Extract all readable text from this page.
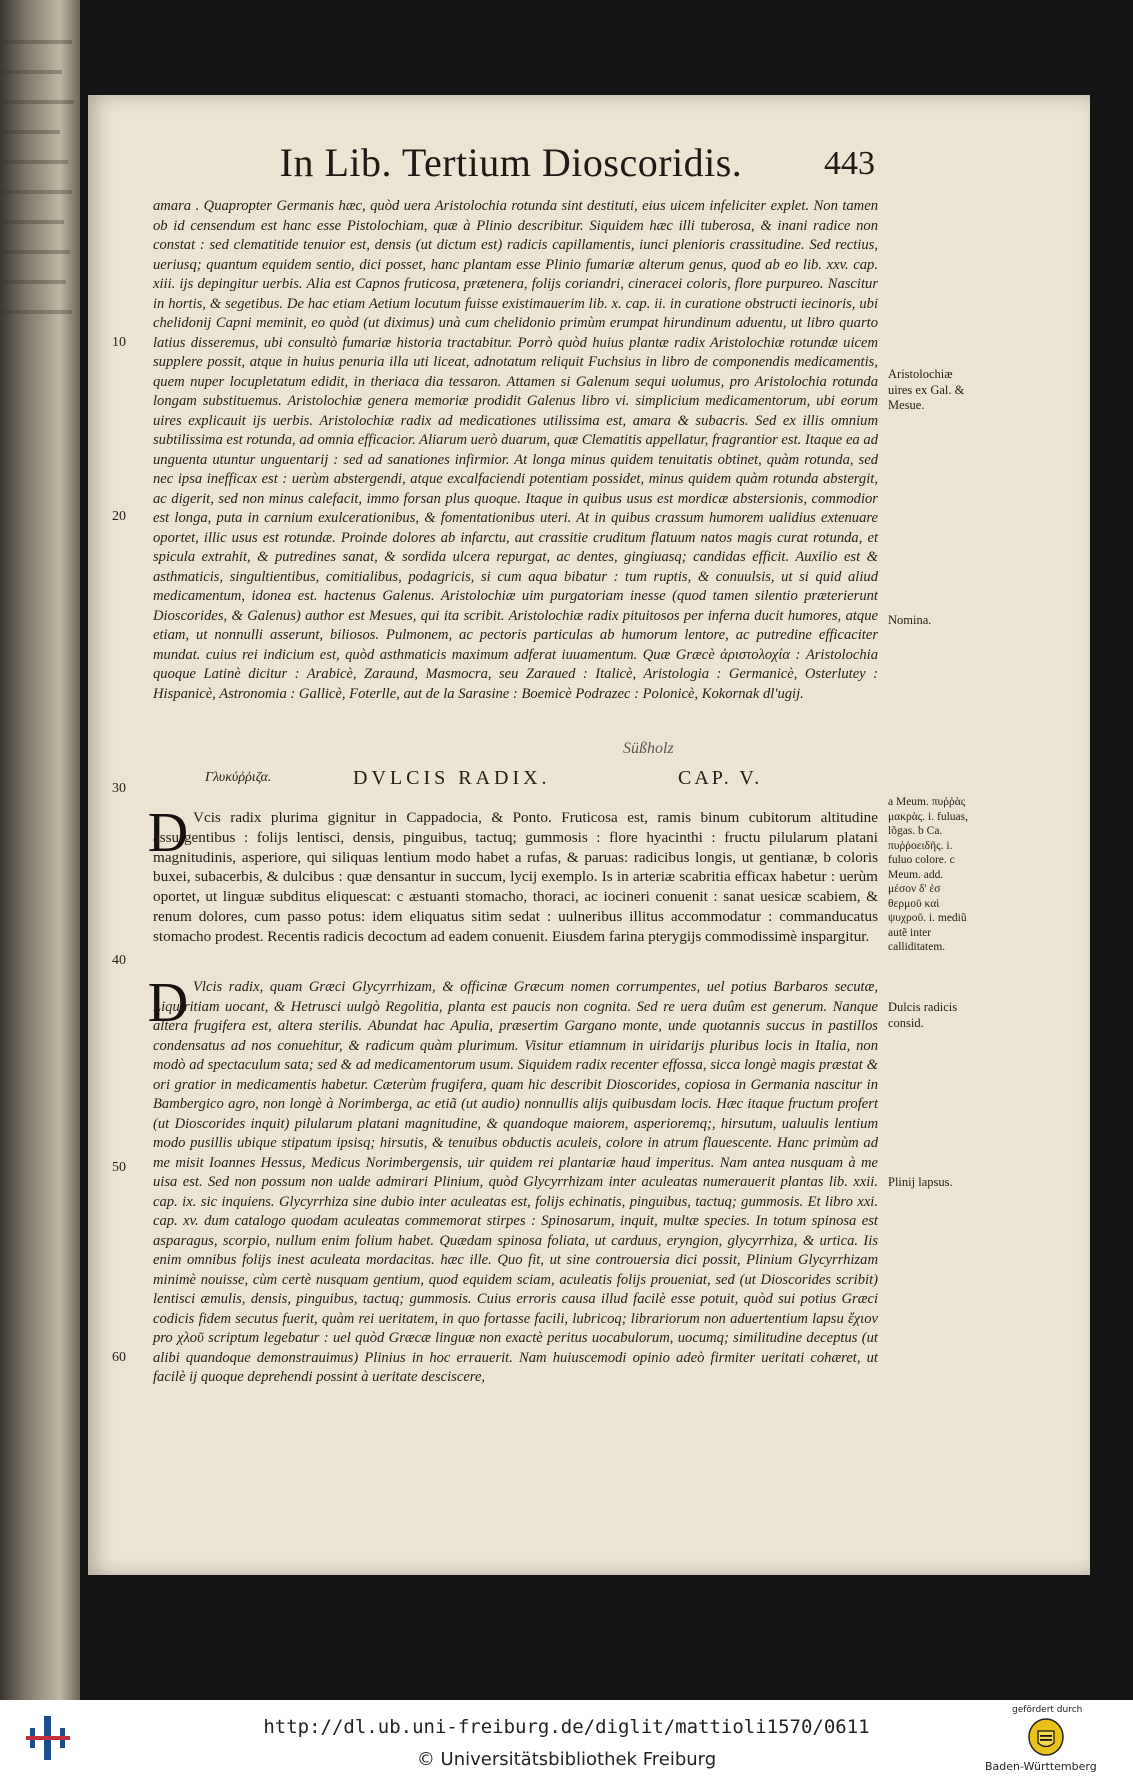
In Lib. Tertium Dioscoridis. 443

amara . Quapropter Germanis hæc, quòd uera Aristolochia rotunda sint destituti, eius uicem infeliciter explet. Non tamen ob id censendum est hanc esse Pistolochiam, quæ à Plinio describitur. Siquidem hæc illi tuberosa, & inani radice non constat : sed clematitide tenuior est, densis (ut dictum est) radicis capillamentis, iunci plenioris crassitudine. Sed rectius, ueriusq; quantum equidem sentio, dici posset, hanc plantam esse Plinio fumariæ alterum genus, quod ab eo lib. xxv. cap. xiii. ijs depingitur uerbis. Alia est Capnos fruticosa, prætenera, folijs coriandri, cineracei coloris, flore purpureo. Nascitur in hortis, & segetibus. De hac etiam Aetium locutum fuisse existimauerim lib. x. cap. ii. in curatione obstructi iecinoris, ubi chelidonij Capni meminit, eo quòd (ut diximus) unà cum chelidonio primùm erumpat hirundinum aduentu, ut libro quarto latius disseremus, ubi consultò fumariæ historia tractabitur. Porrò quòd huius plantæ radix Aristolochiæ rotundæ uicem supplere possit, atque in huius penuria illa uti liceat, adnotatum reliquit Fuchsius in libro de componendis medicamentis, quem nuper locupletatum edidit, in theriaca dia tessaron. Attamen si Galenum sequi uolumus, pro Aristolochia rotunda longam substituemus. Aristolochiæ genera memoriæ prodidit Galenus libro vi. simplicium medicamentorum, ubi eorum uires explicauit ijs uerbis. Aristolochiæ radix ad medicationes utilissima est, amara & subacris. Sed ex illis omnium subtilissima est rotunda, ad omnia efficacior. Aliarum uerò duarum, quæ Clematitis appellatur, fragrantior est. Itaque ea ad unguenta utuntur unguentarij : sed ad sanationes infirmior. At longa minus quidem tenuitatis obtinet, quàm rotunda, sed nec ipsa inefficax est : uerùm abstergendi, atque excalfaciendi potentiam possidet, minus quidem quàm rotunda abstergit, ac digerit, sed non minus calefacit, immo forsan plus quoque. Itaque in quibus usus est mordicæ abstersionis, commodior est longa, puta in carnium exulcerationibus, & fomentationibus uteri. At in quibus crassum humorem ualidius extenuare oportet, illic usus est rotundæ. Proinde dolores ab infarctu, aut crassitie cruditum flatuum natos magis curat rotunda, et spicula extrahit, & putredines sanat, & sordida ulcera repurgat, ac dentes, gingiuasq; candidas efficit. Auxilio est & asthmaticis, singultientibus, comitialibus, podagricis, si cum aqua bibatur : tum ruptis, & conuulsis, ut si quid aliud medicamentum, idonea est. hactenus Galenus. Aristolochiæ uim purgatoriam inesse (quod tamen silentio præterierunt Dioscorides, & Galenus) author est Mesues, qui ita scribit. Aristolochiæ radix pituitosos per inferna ducit humores, atque etiam, ut nonnulli asserunt, biliosos. Pulmonem, ac pectoris particulas ab humorum lentore, ac putredine efficaciter mundat. cuius rei indicium est, quòd asthmaticis maximum adferat iuuamentum. Quæ Græcè ἀριστολοχία : Aristolochia quoque Latinè dicitur : Arabicè, Zaraund, Masmocra, seu Zaraued : Italicè, Aristologia : Germanicè, Osterlutey : Hispanicè, Astronomia : Gallicè, Foterlle, aut de la Sarasine : Boemicè Podrazec : Polonicè, Kokornak dl'ugij.

Süßholz
Γλυκύῤῥιζα.	DVLCIS RADIX.	CAP. V.
D Vcis radix plurima gignitur in Cappadocia, & Ponto. Fruticosa est, ramis binum cubitorum altitudine assurgentibus : folijs lentisci, densis, pinguibus, tactuq; gummosis : flore hyacinthi : fructu pilularum platani magnitudinis, asperiore, qui siliquas lentium modo habet a rufas, & paruas: radicibus longis, ut gentianæ, b coloris buxei, subacerbis, & dulcibus : quæ densantur in succum, lycij exemplo. Is in arteriæ scabritia efficax habetur : uerùm oportet, ut linguæ subditus eliquescat: c æstuanti stomacho, thoraci, ac iocineri conuenit : sanat uesicæ scabiem, & renum dolores, cum passo potus: idem eliquatus sitim sedat : uulneribus illitus accommodatur : commanducatus stomacho prodest. Recentis radicis decoctum ad eadem conuenit. Eiusdem farina pterygijs commodissimè inspargitur.

D Vlcis radix, quam Græci Glycyrrhizam, & officinæ Græcum nomen corrumpentes, uel potius Barbaros secutæ, Liquiritiam uocant, & Hetrusci uulgò Regolitia, planta est paucis non cognita. Sed re uera duûm est generum. Nanque altera frugifera est, altera sterilis. Abundat hac Apulia, præsertim Gargano monte, unde quotannis succus in pastillos condensatus ad nos conuehitur, & radicum quàm plurimum. Visitur etiamnum in uiridarijs pluribus locis in Italia, non modò ad spectaculum sata; sed & ad medicamentorum usum. Siquidem radix recenter effossa, sicca longè magis præstat & ori gratior in medicamentis habetur. Cæterùm frugifera, quam hic describit Dioscorides, copiosa in Germania nascitur in Bambergico agro, non longè à Norimberga, ac etiã (ut audio) nonnullis alijs quibusdam locis. Hæc itaque fructum profert (ut Dioscorides inquit) pilularum platani magnitudine, & quandoque maiorem, asperioremq;, hirsutum, ualuulis lentium modo pusillis ubique stipatum ipsisq; hirsutis, & tenuibus obductis aculeis, colore in atrum flauescente. Hanc primùm ad me misit Ioannes Hessus, Medicus Norimbergensis, uir quidem rei plantariæ haud imperitus. Nam antea nusquam à me uisa est. Sed non possum non ualde admirari Plinium, quòd Glycyrrhizam inter aculeatas numerauerit plantas lib. xxii. cap. ix. sic inquiens. Glycyrrhiza sine dubio inter aculeatas est, folijs echinatis, pinguibus, tactuq; gummosis. Et libro xxi. cap. xv. dum catalogo quodam aculeatas commemorat stirpes : Spinosarum, inquit, multæ species. In totum spinosa est asparagus, scorpio, nullum enim folium habet. Quædam spinosa foliata, ut carduus, eryngion, glycyrrhiza, & urtica. Iis enim omnibus folijs inest aculeata mordacitas. hæc ille. Quo fit, ut sine controuersia dici possit, Plinium Glycyrrhizam minimè nouisse, cùm certè nusquam gentium, quod equidem sciam, aculeatis folijs proueniat, sed (ut Dioscorides scribit) lentisci æmulis, densis, pinguibus, tactuq; gummosis. Cuius erroris causa illud facilè esse potuit, quòd sui potius Græci codicis fidem secutus fuerit, quàm rei ueritatem, in quo fortasse facili, lubricoq; librariorum non aduertentium lapsu ἔχιον pro χλοῦ scriptum legebatur : uel quòd Græcæ linguæ non exactè peritus uocabulorum, uocumq; similitudine deceptus (ut alibi quandoque demonstrauimus) Plinius in hoc errauerit. Nam huiuscemodi opinio adeò firmiter ueritati cohæret, ut facilè ij quoque deprehendi possint à ueritate desciscere,

10
20
30
40
50
60
Aristolochiæ uires ex Gal. & Mesue.
Nomina.
a Meum. πυῤῥὰς μακρὰς. i. fuluas, lõgas. b Ca. πυῤῥοειδῆς. i. fuluo colore. c Meum. add. μέσον δ' ἐσ θερμοῦ καὶ ψυχροῦ. i. mediũ autẽ inter calliditatem.
Dulcis radicis consid.
Plinij lapsus.
http://dl.ub.uni-freiburg.de/diglit/mattioli1570/0611
© Universitätsbibliothek Freiburg
gefördert durch
Baden-Württemberg
